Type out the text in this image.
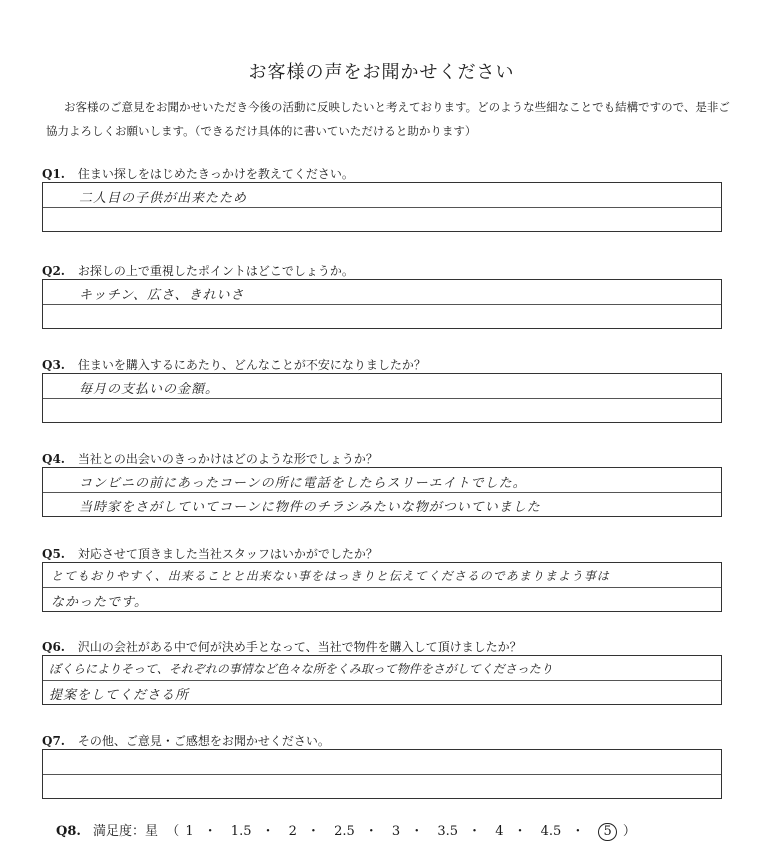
お客様の声をお聞かせください
お客様のご意見をお聞かせいただき今後の活動に反映したいと考えております。どのような些細なことでも結構ですので、是非ご協力よろしくお願いします。（できるだけ具体的に書いていただけると助かります）
Q1. 住まい探しをはじめたきっかけを教えてください。
二人目の子供が出来たため
Q2. お探しの上で重視したポイントはどこでしょうか。
キッチン、広さ、きれいさ
Q3. 住まいを購入するにあたり、どんなことが不安になりましたか？
毎月の支払いの金額。
Q4. 当社との出会いのきっかけはどのような形でしょうか？
コンビニの前にあったコーンの所に電話をしたらスリーエイトでした。
当時家をさがしていてコーンに物件のチラシみたいな物がついていました
Q5. 対応させて頂きました当社スタッフはいかがでしたか？
とてもおりやすく、出来ることと出来ない事をはっきりと伝えてくださるのであまりまよう事は
なかったです。
Q6. 沢山の会社がある中で何が決め手となって、当社で物件を購入して頂けましたか？
ぼくらによりそって、それぞれの事情など色々な所をくみ取って物件をさがしてくださったり
提案をしてくださる所
Q7. その他、ご意見・ご感想をお聞かせください。
Q8. 満足度：星 （ 1 ・ 1.5 ・ 2 ・ 2.5 ・ 3 ・ 3.5 ・ 4 ・ 4.5 ・ 5 ）
